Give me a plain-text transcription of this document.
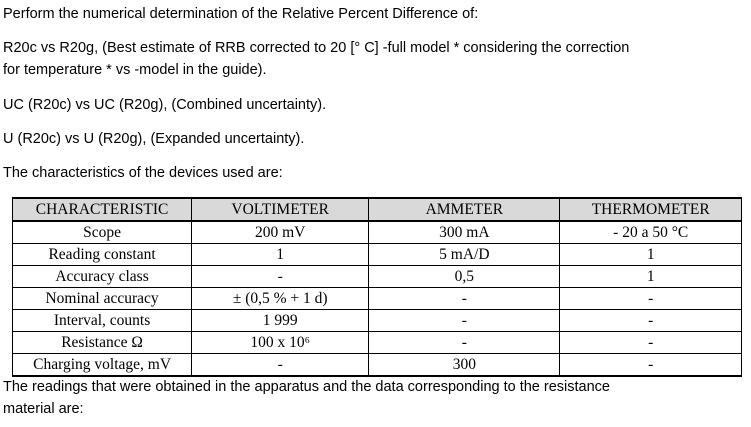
Perform the numerical determination of the Relative Percent Difference of:

R20c vs R20g, (Best estimate of RRB corrected to 20 [° C] -full model * considering the correction
for temperature * vs -model in the guide).

UC (R20c) vs UC (R20g), (Combined uncertainty).

U (R20c) vs U (R20g), (Expanded uncertainty).

The characteristics of the devices used are:

CHARACTERISTIC	VOLTIMETER	AMMETER	THERMOMETER
Scope	200 mV	300 mA	- 20 a 50 °C
Reading constant	1	5 mA/D	1
Accuracy class	-	0,5	1
Nominal accuracy	± (0,5 % + 1 d)	-	-
Interval, counts	1 999	-	-
Resistance Ω	100 x 10⁶	-	-
Charging voltage, mV	-	300	-

The readings that were obtained in the apparatus and the data corresponding to the resistance
material are:
